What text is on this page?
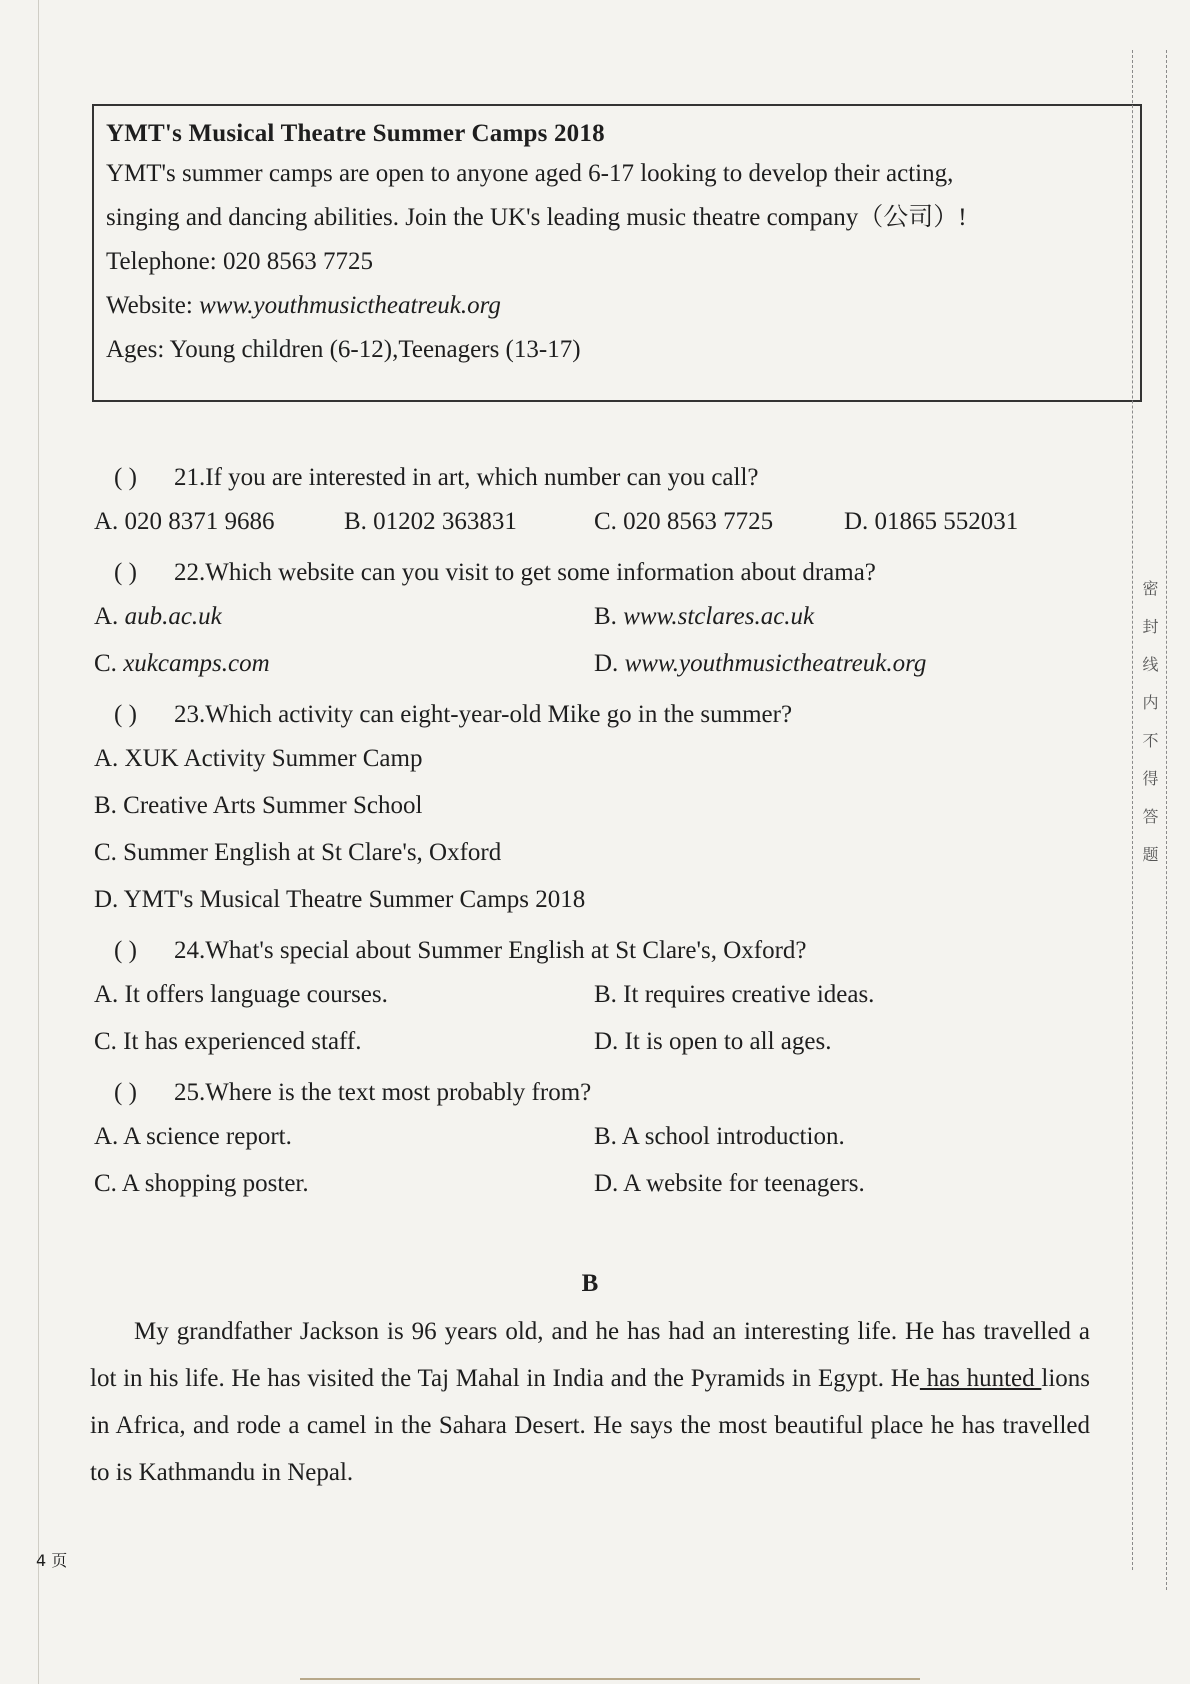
YMT's Musical Theatre Summer Camps 2018

YMT's summer camps are open to anyone aged 6-17 looking to develop their acting,

singing and dancing abilities. Join the UK's leading music theatre company（公司）!

Telephone: 020 8563 7725

Website: www.youthmusictheatreuk.org

Ages: Young children (6-12),Teenagers (13-17)

( ) 21.If you are interested in art, which number can you call?
A. 020 8371 9686	B. 01202 363831	C. 020 8563 7725	D. 01865 552031
( ) 22.Which website can you visit to get some information about drama?
A. aub.ac.uk	B. www.stclares.ac.uk
C. xukcamps.com	D. www.youthmusictheatreuk.org
( ) 23.Which activity can eight-year-old Mike go in the summer?
A. XUK Activity Summer Camp
B. Creative Arts Summer School
C. Summer English at St Clare's, Oxford
D. YMT's Musical Theatre Summer Camps 2018
( ) 24.What's special about Summer English at St Clare's, Oxford?
A. It offers language courses.	B. It requires creative ideas.
C. It has experienced staff.	D. It is open to all ages.
( ) 25.Where is the text most probably from?
A. A science report.	B. A school introduction.
C. A shopping poster.	D. A website for teenagers.

B

My grandfather Jackson is 96 years old, and he has had an interesting life. He has travelled a lot in his life. He has visited the Taj Mahal in India and the Pyramids in Egypt. He has hunted lions in Africa, and rode a camel in the Sahara Desert. He says the most beautiful place he has travelled to is Kathmandu in Nepal.

4 页
密封线内不得答题
